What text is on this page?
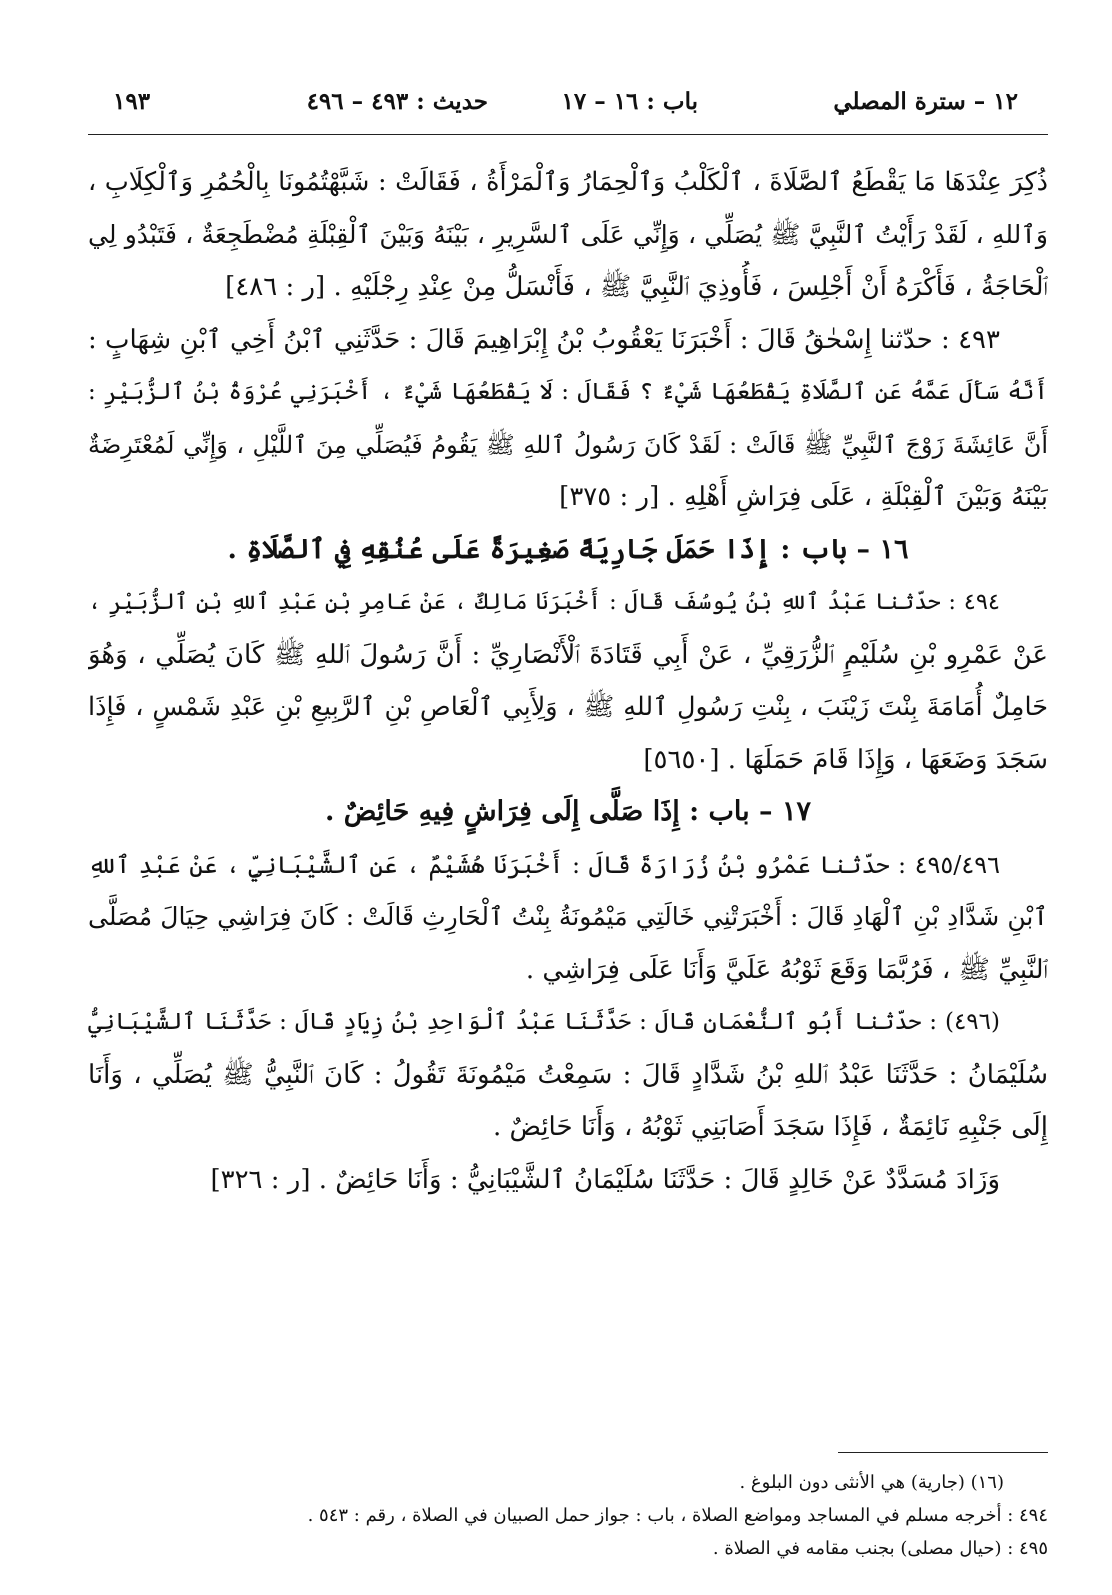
١٢ – سترة المصلي
باب : ١٦ – ١٧
حديث : ٤٩٣ – ٤٩٦
١٩٣
ذُكِرَ عِنْدَهَا مَا يَقْطَعُ ٱلصَّلَاةَ ، ٱلْكَلْبُ وَٱلْحِمَارُ وَٱلْمَرْأَةُ ، فَقَالَتْ : شَبَّهْتُمُونَا بِالْحُمُرِ وَٱلْكِلَابِ ،
وَٱللهِ ، لَقَدْ رَأَيْتُ ٱلنَّبِيَّ ﷺ يُصَلِّي ، وَإِنِّي عَلَى ٱلسَّرِيرِ ، بَيْنَهُ وَبَيْنَ ٱلْقِبْلَةِ مُضْطَجِعَةٌ ، فَتَبْدُو لِي
ٱلْحَاجَةُ ، فَأَكْرَهُ أَنْ أَجْلِسَ ، فَأُوذِيَ ٱلنَّبِيَّ ﷺ ، فَأَنْسَلُّ مِنْ عِنْدِ رِجْلَيْهِ . [ر : ٤٨٦]
٤٩٣ : حدّثنا إِسْحٰقُ قَالَ : أَخْبَرَنَا يَعْقُوبُ بْنُ إِبْرَاهِيمَ قَالَ : حَدَّثَنِي ٱبْنُ أَخِي ٱبْنِ شِهَابٍ :
أَنَّهُ سَأَلَ عَمَّهُ عَنِ ٱلصَّلَاةِ يَقْطَعُهَا شَيْءٌ ؟ فَقَالَ : لَا يَقْطَعُهَا شَيْءٌ ، أَخْبَرَنِي عُرْوَةُ بْنُ ٱلزُّبَيْرِ :
أَنَّ عَائِشَةَ زَوْجَ ٱلنَّبِيِّ ﷺ قَالَتْ : لَقَدْ كَانَ رَسُولُ ٱللهِ ﷺ يَقُومُ فَيُصَلِّي مِنَ ٱللَّيْلِ ، وَإِنِّي لَمُعْتَرِضَةٌ
بَيْنَهُ وَبَيْنَ ٱلْقِبْلَةِ ، عَلَى فِرَاشِ أَهْلِهِ . [ر : ٣٧٥]
١٦ – باب : إِذَا حَمَلَ جَارِيَةً صَغِيرَةً عَلَى عُنُقِهِ فِي ٱلصَّلَاةِ .
٤٩٤ : حدّثنا عَبْدُ ٱللهِ بْنُ يُوسُفَ قَالَ : أَخْبَرَنَا مَالِكٌ ، عَنْ عَامِرِ بْنِ عَبْدِ ٱللهِ بْنِ ٱلزُّبَيْرِ ،
عَنْ عَمْرِو بْنِ سُلَيْمٍ ٱلزُّرَقِيِّ ، عَنْ أَبِي قَتَادَةَ ٱلْأَنْصَارِيِّ : أَنَّ رَسُولَ ٱللهِ ﷺ كَانَ يُصَلِّي ، وَهُوَ
حَامِلٌ أُمَامَةَ بِنْتَ زَيْنَبَ ، بِنْتِ رَسُولِ ٱللهِ ﷺ ، وَلِأَبِي ٱلْعَاصِ بْنِ ٱلرَّبِيعِ بْنِ عَبْدِ شَمْسٍ ، فَإِذَا
سَجَدَ وَضَعَهَا ، وَإِذَا قَامَ حَمَلَهَا . [٥٦٥٠]
١٧ – باب : إِذَا صَلَّى إِلَى فِرَاشٍ فِيهِ حَائِضٌ .
٤٩٥/٤٩٦ : حدّثنا عَمْرُو بْنُ زُرَارَةَ قَالَ : أَخْبَرَنَا هُشَيْمٌ ، عَنِ ٱلشَّيْبَانِيِّ ، عَنْ عَبْدِ ٱللهِ
ٱبْنِ شَدَّادِ بْنِ ٱلْهَادِ قَالَ : أَخْبَرَتْنِي خَالَتِي مَيْمُونَةُ بِنْتُ ٱلْحَارِثِ قَالَتْ : كَانَ فِرَاشِي حِيَالَ مُصَلَّى
ٱلنَّبِيِّ ﷺ ، فَرُبَّمَا وَقَعَ ثَوْبُهُ عَلَيَّ وَأَنَا عَلَى فِرَاشِي .
(٤٩٦) : حدّثنا أَبُو ٱلنُّعْمَانِ قَالَ : حَدَّثَنَا عَبْدُ ٱلْوَاحِدِ بْنُ زِيَادٍ قَالَ : حَدَّثَنَا ٱلشَّيْبَانِيُّ
سُلَيْمَانُ : حَدَّثَنَا عَبْدُ ٱللهِ بْنُ شَدَّادٍ قَالَ : سَمِعْتُ مَيْمُونَةَ تَقُولُ : كَانَ ٱلنَّبِيُّ ﷺ يُصَلِّي ، وَأَنَا
إِلَى جَنْبِهِ نَائِمَةٌ ، فَإِذَا سَجَدَ أَصَابَنِي ثَوْبُهُ ، وَأَنَا حَائِضٌ .
وَزَادَ مُسَدَّدٌ عَنْ خَالِدٍ قَالَ : حَدَّثَنَا سُلَيْمَانُ ٱلشَّيْبَانِيُّ : وَأَنَا حَائِضٌ . [ر : ٣٢٦]
(١٦) (جارية) هي الأنثى دون البلوغ .
٤٩٤ : أخرجه مسلم في المساجد ومواضع الصلاة ، باب : جواز حمل الصبيان في الصلاة ، رقم : ٥٤٣ .
٤٩٥ : (حيال مصلى) بجنب مقامه في الصلاة .
